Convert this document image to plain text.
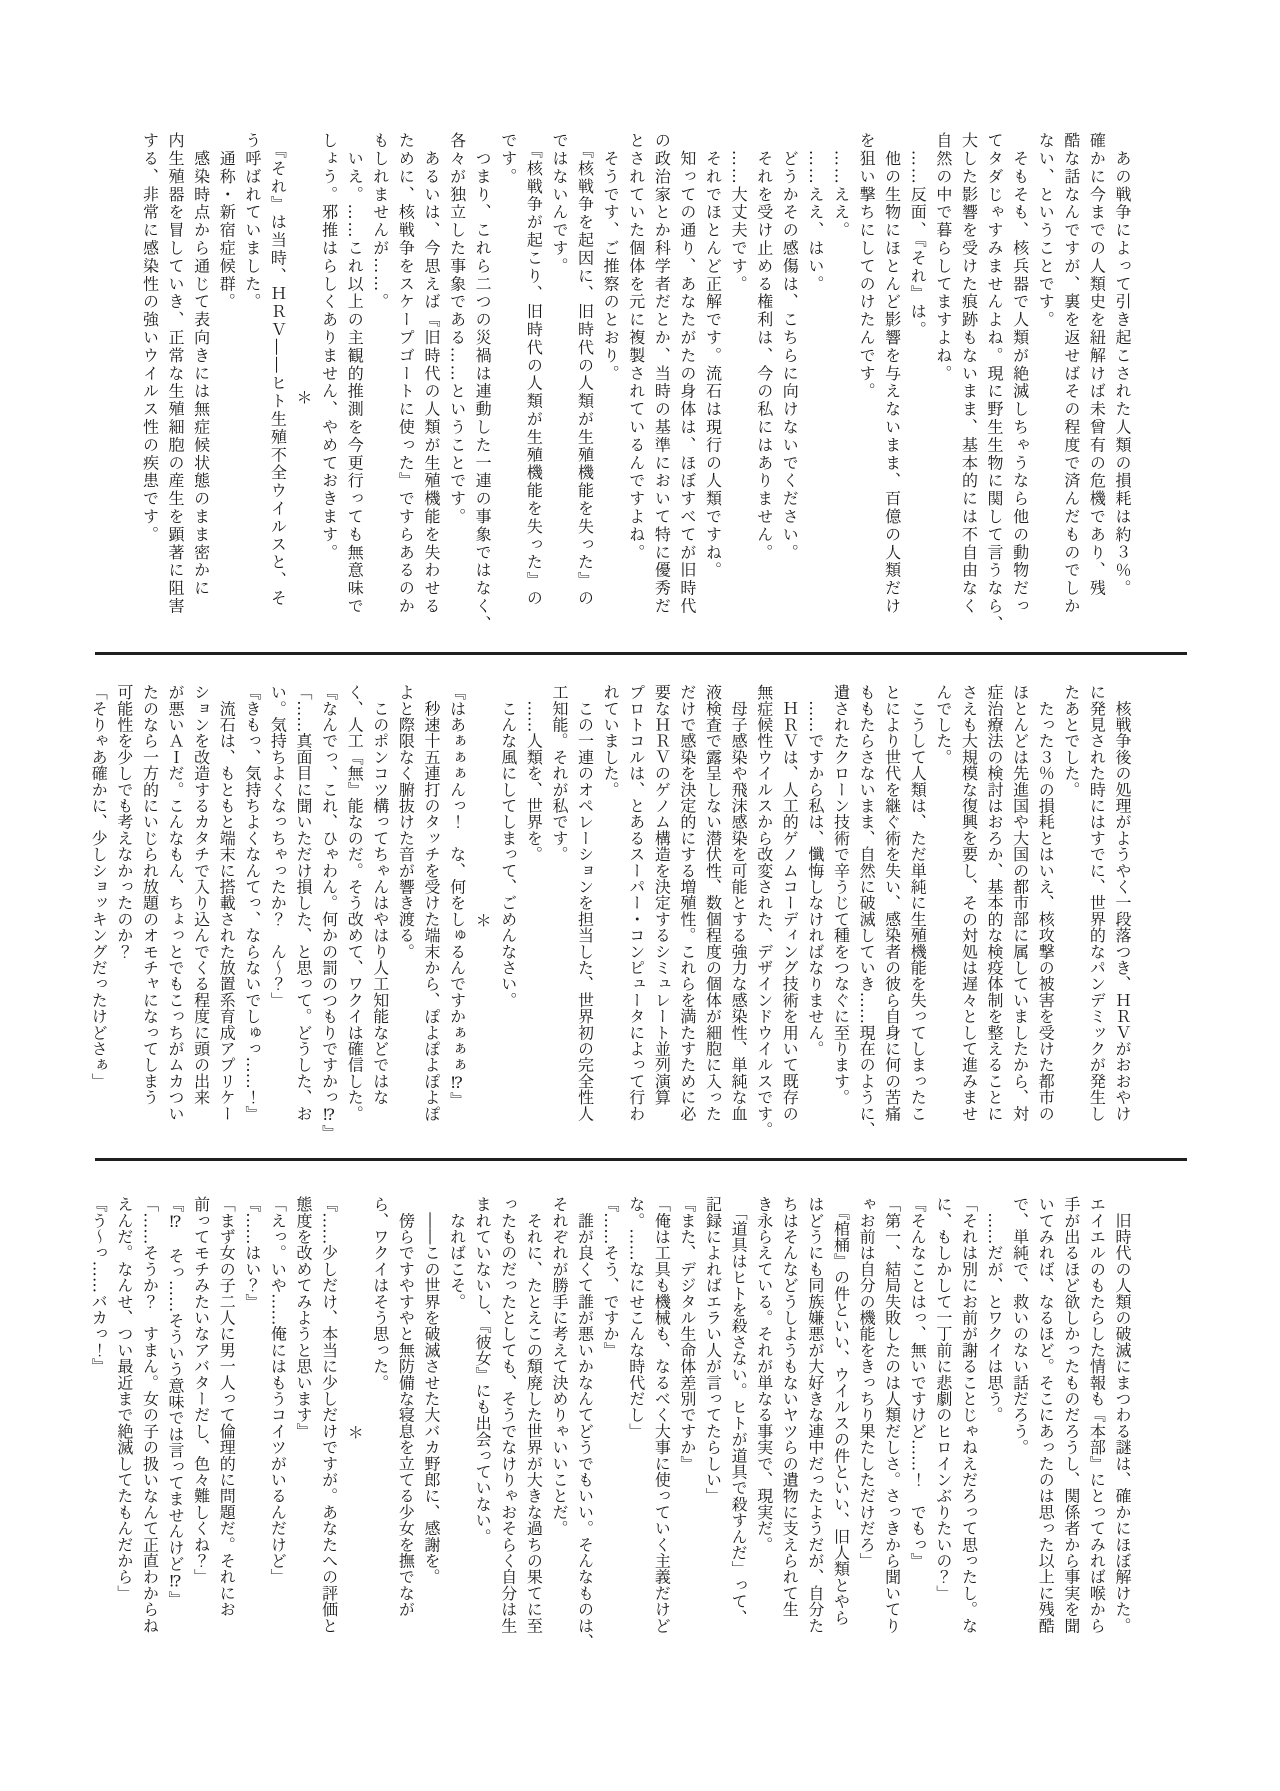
　あの戦争によって引き起こされた人類の損耗は約３％。

確かに今までの人類史を紐解けば未曾有の危機であり、残

酷な話なんですが、裏を返せばその程度で済んだものでしか

ない、ということです。

　そもそも、核兵器で人類が絶滅しちゃうなら他の動物だっ

てタダじゃすみませんよね。現に野生生物に関して言うなら、

大した影響を受けた痕跡もないまま、基本的には不自由なく

自然の中で暮らしてますよね。

　……反面、『それ』は。

　他の生物にほとんど影響を与えないまま、百億の人類だけ

を狙い撃ちにしてのけたんです。

　……ええ。

　……ええ、はい。

　どうかその感傷は、こちらに向けないでください。

　それを受け止める権利は、今の私にはありません。

　……大丈夫です。

　それでほとんど正解です。流石は現行の人類ですね。

　知っての通り、あなたがたの身体は、ほぼすべてが旧時代

の政治家とか科学者だとか、当時の基準において特に優秀だ

とされていた個体を元に複製されているんですよね。

　そうです、ご推察のとおり。

　『核戦争を起因に、旧時代の人類が生殖機能を失った』の

ではないんです。

　『核戦争が起こり、旧時代の人類が生殖機能を失った』の

です。

　つまり、これら二つの災禍は連動した一連の事象ではなく、

各々が独立した事象である……ということです。

　あるいは、今思えば『旧時代の人類が生殖機能を失わせる

ために、核戦争をスケープゴートに使った』ですらあるのか

もしれませんが……。

　いえ。……これ以上の主観的推測を今更行っても無意味で

しょう。邪推はらしくありません、やめておきます。

＊

　『それ』は当時、ＨＲＶ――ヒト生殖不全ウイルスと、そ

う呼ばれていました。

　通称・新宿症候群。

　感染時点から通じて表向きには無症候状態のまま密かに

内生殖器を冒していき、正常な生殖細胞の産生を顕著に阻害

する、非常に感染性の強いウイルス性の疾患です。

　核戦争後の処理がようやく一段落つき、ＨＲＶがおおやけ

に発見された時にはすでに、世界的なパンデミックが発生し

たあとでした。

　たった３％の損耗とはいえ、核攻撃の被害を受けた都市の

ほとんどは先進国や大国の都市部に属していましたから、対

症治療法の検討はおろか、基本的な検疫体制を整えることに

さえも大規模な復興を要し、その対処は遅々として進みませ

んでした。

　こうして人類は、ただ単純に生殖機能を失ってしまったこ

とにより世代を継ぐ術を失い、感染者の彼ら自身に何の苦痛

ももたらさないまま、自然に破滅していき……現在のように、

遺されたクローン技術で辛うじて種をつなぐに至ります。

　……ですから私は、懺悔しなければなりません。

　ＨＲＶは、人工的ゲノムコーディング技術を用いて既存の

無症候性ウイルスから改変された、デザインドウイルスです。

　母子感染や飛沫感染を可能とする強力な感染性、単純な血

液検査で露呈しない潜伏性、数個程度の個体が細胞に入った

だけで感染を決定的にする増殖性。これらを満たすために必

要なＨＲＶのゲノム構造を決定するシミュレート並列演算

プロトコルは、とあるスーパー・コンピュータによって行わ

れていました。

　この一連のオペレーションを担当した、世界初の完全性人

工知能。それが私です。

　……人類を、世界を。

　こんな風にしてしまって、ごめんなさい。

＊

『はあぁぁぁんっ！　な、何をしゅるんですかぁぁぁ⁉』

　秒速十五連打のタッチを受けた端末から、ぽよぽよぽよぽ

よと際限なく腑抜けた音が響き渡る。

　このポンコツ構ってちゃんはやはり人工知能などではな

く、人工『無』能なのだ。そう改めて、ワクイは確信した。

『なんでっ、これ、ひゃわん。何かの罰のつもりですかっ⁉』

「……真面目に聞いただけ損した、と思って。どうした、お

い。気持ちよくなっちゃったか？　ん～？」

『きもっ、気持ちよくなんてっ、ならないでしゅっ……！』

　流石は、もともと端末に搭載された放置系育成アプリケー

ションを改造するカタチで入り込んでくる程度に頭の出来

が悪いＡＩだ。こんなもん、ちょっとでもこっちがムカつい

たのなら一方的にいじられ放題のオモチャになってしまう

可能性を少しでも考えなかったのか？

「そりゃあ確かに、少しショッキングだったけどさぁ」

　旧時代の人類の破滅にまつわる謎は、確かにほぼ解けた。

エイエルのもたらした情報も『本部』にとってみれば喉から

手が出るほど欲しかったものだろうし、関係者から事実を聞

いてみれば、なるほど。そこにあったのは思った以上に残酷

で、単純で、救いのない話だろう。

　……だが、とワクイは思う。

「それは別にお前が謝ることじゃねえだろって思ったし。な

に、もしかして一丁前に悲劇のヒロインぶりたいの？」

『そんなことはっ、無いですけど……！　でもっ』

「第一、結局失敗したのは人類だしさ。さっきから聞いてり

ゃお前は自分の機能をきっちり果たしただけだろ」

　『棺桶』の件といい、ウイルスの件といい、旧人類とやら

はどうにも同族嫌悪が大好きな連中だったようだが、自分た

ちはそんなどうしようもないヤツらの遺物に支えられて生

き永らえている。それが単なる事実で、現実だ。

　「道具はヒトを殺さない。ヒトが道具で殺すんだ」って、

記録によればエラい人が言ってたらしい」

『また、デジタル生命体差別ですか』

「俺は工具も機械も、なるべく大事に使っていく主義だけど

な。……なにせこんな時代だし」

『……そう、ですか』

　誰が良くて誰が悪いかなんてどうでもいい。そんなものは、

それぞれが勝手に考えて決めりゃいいことだ。

　それに、たとえこの頽廃した世界が大きな過ちの果てに至

ったものだったとしても、そうでなけりゃおそらく自分は生

まれていないし、『彼女』にも出会っていない。

　なればこそ。

　――この世界を破滅させた大バカ野郎に、感謝を。

　傍らですやすやと無防備な寝息を立てる少女を撫でなが

ら、ワクイはそう思った。

＊

『……少しだけ、本当に少しだけですが。あなたへの評価と

態度を改めてみようと思います』

「えっ。いや……俺にはもうコイツがいるんだけど」

『……はい？』

「まず女の子二人に男一人って倫理的に問題だ。それにお

前ってモチみたいなアバターだし、色々難しくね？」

『⁉　そっ……そういう意味では言ってませんけど⁉』

「……そうか？　すまん。女の子の扱いなんて正直わからね

えんだ。なんせ、つい最近まで絶滅してたもんだから」

『う～っ……バカっ！』
